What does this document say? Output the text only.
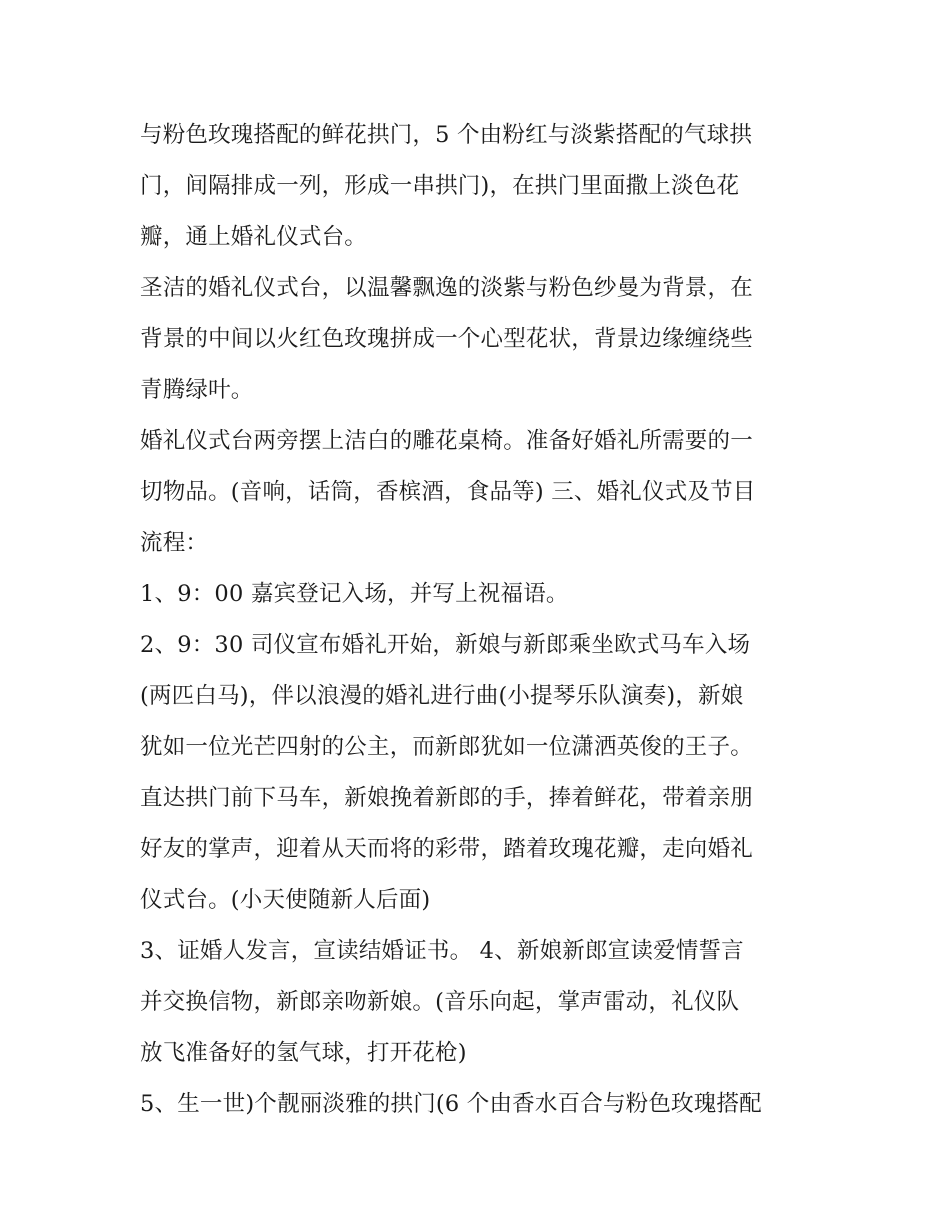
与粉色玫瑰搭配的鲜花拱门，5 个由粉红与淡紫搭配的气球拱
门，间隔排成一列，形成一串拱门)，在拱门里面撒上淡色花
瓣，通上婚礼仪式台。
圣洁的婚礼仪式台，以温馨飘逸的淡紫与粉色纱曼为背景，在
背景的中间以火红色玫瑰拼成一个心型花状，背景边缘缠绕些
青腾绿叶。
婚礼仪式台两旁摆上洁白的雕花桌椅。准备好婚礼所需要的一
切物品。(音响，话筒，香槟酒，食品等) 三、婚礼仪式及节目
流程：
1、9：00 嘉宾登记入场，并写上祝福语。
2、9：30 司仪宣布婚礼开始，新娘与新郎乘坐欧式马车入场
(两匹白马)，伴以浪漫的婚礼进行曲(小提琴乐队演奏)，新娘
犹如一位光芒四射的公主，而新郎犹如一位潇洒英俊的王子。
直达拱门前下马车，新娘挽着新郎的手，捧着鲜花，带着亲朋
好友的掌声，迎着从天而将的彩带，踏着玫瑰花瓣，走向婚礼
仪式台。(小天使随新人后面)
3、证婚人发言，宣读结婚证书。 4、新娘新郎宣读爱情誓言
并交换信物，新郎亲吻新娘。(音乐向起，掌声雷动，礼仪队
放飞准备好的氢气球，打开花枪)
5、生一世)个靓丽淡雅的拱门(6 个由香水百合与粉色玫瑰搭配
